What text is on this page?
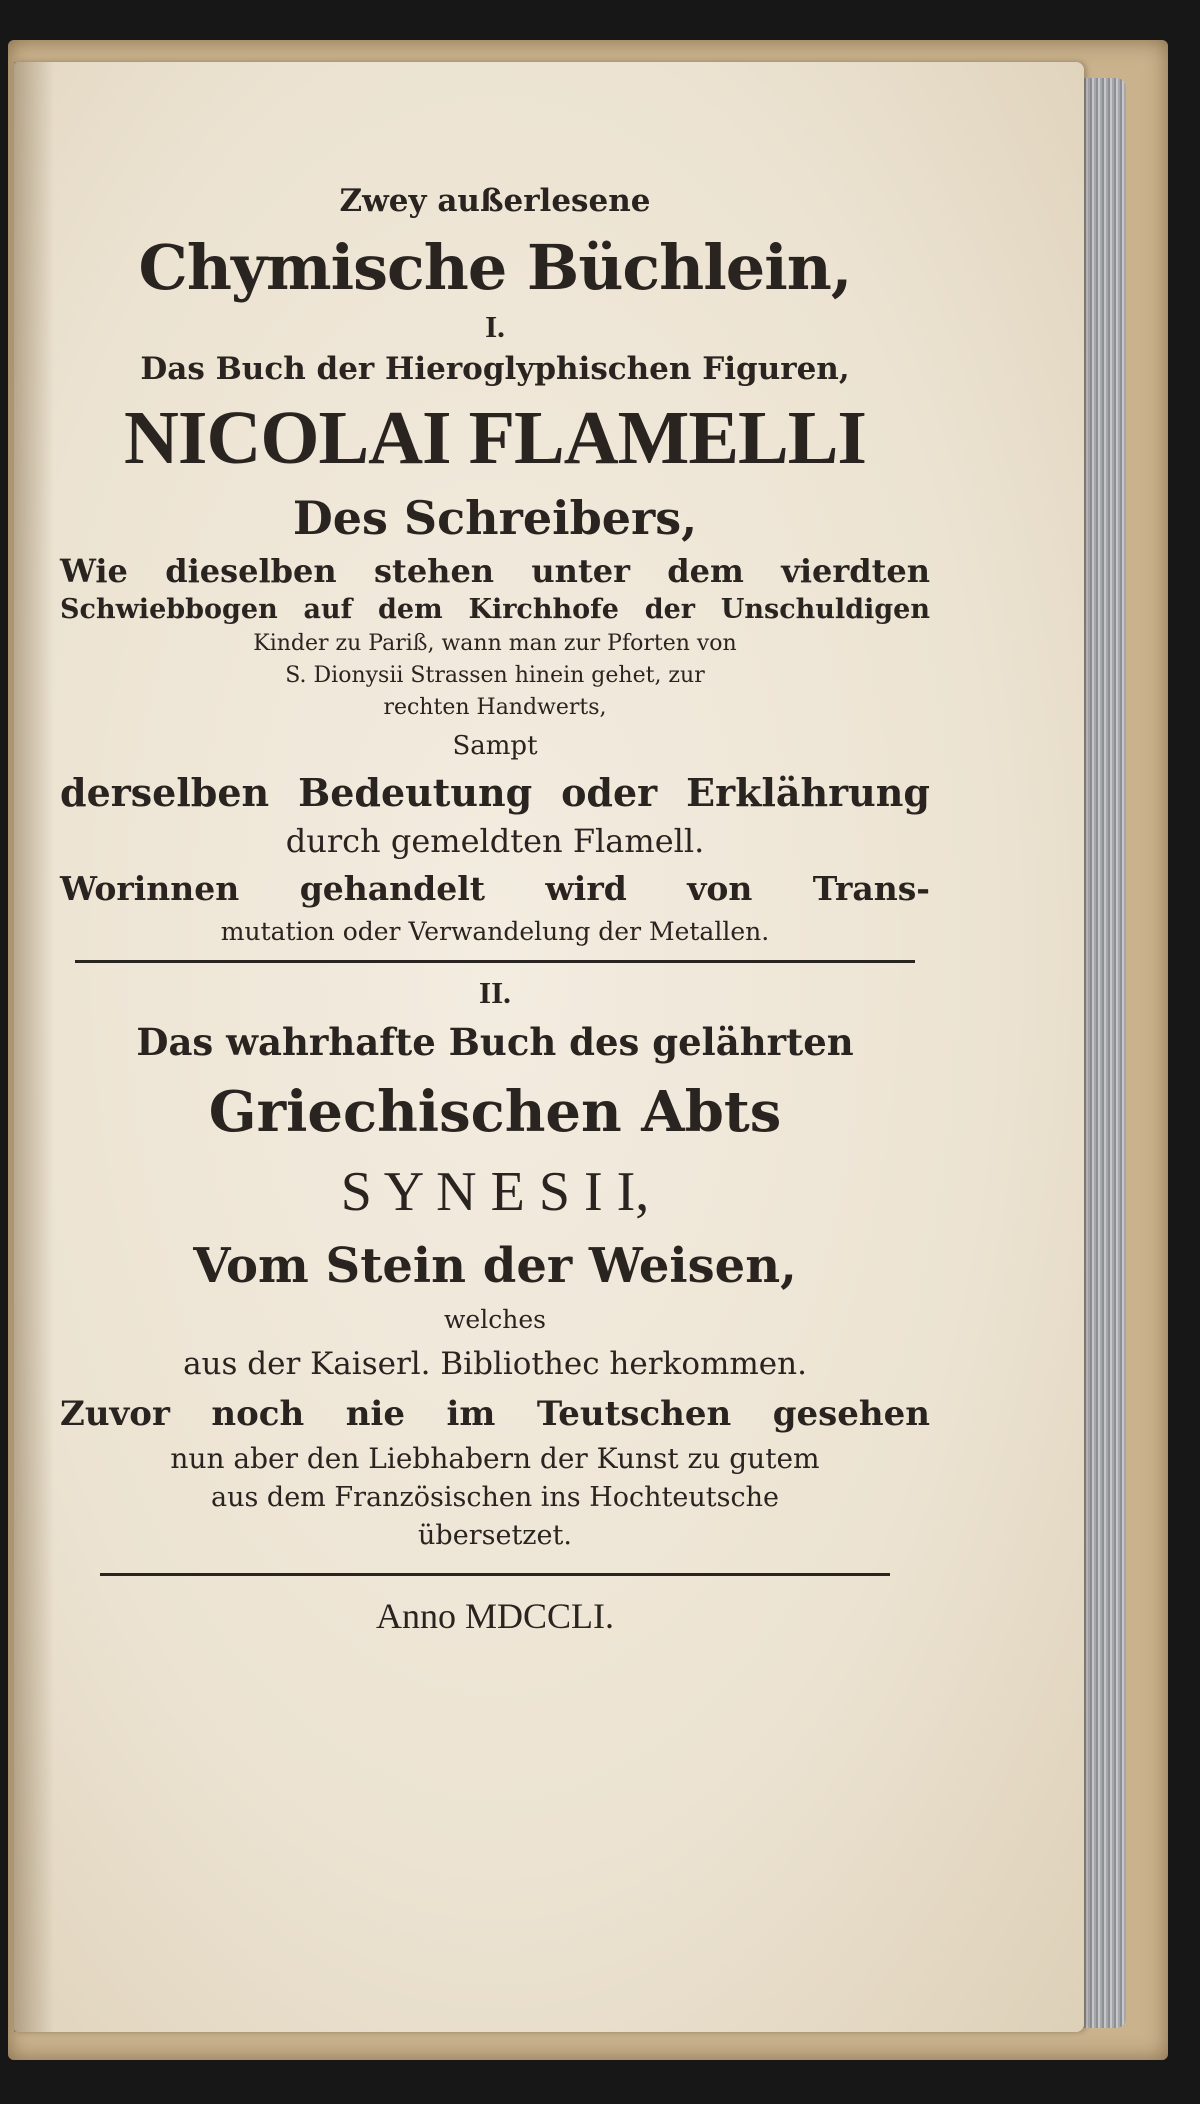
Zwey außerlesene
Chymische Büchlein,
I.
Das Buch der Hieroglyphischen Figuren,
NICOLAI FLAMELLI
Des Schreibers,
Wie dieselben stehen unter dem vierdten
Schwiebbogen auf dem Kirchhofe der Unschuldigen
Kinder zu Pariß, wann man zur Pforten von
S. Dionysii Strassen hinein gehet, zur
rechten Handwerts,
Sampt
derselben Bedeutung oder Erklährung
durch gemeldten Flamell.
Worinnen gehandelt wird von Trans-
mutation oder Verwandelung der Metallen.
II.
Das wahrhafte Buch des gelährten
Griechischen Abts
S Y N E S I I,
Vom Stein der Weisen,
welches
aus der Kaiserl. Bibliothec herkommen.
Zuvor noch nie im Teutschen gesehen
nun aber den Liebhabern der Kunst zu gutem
aus dem Französischen ins Hochteutsche
übersetzet.
Anno MDCCLI.
